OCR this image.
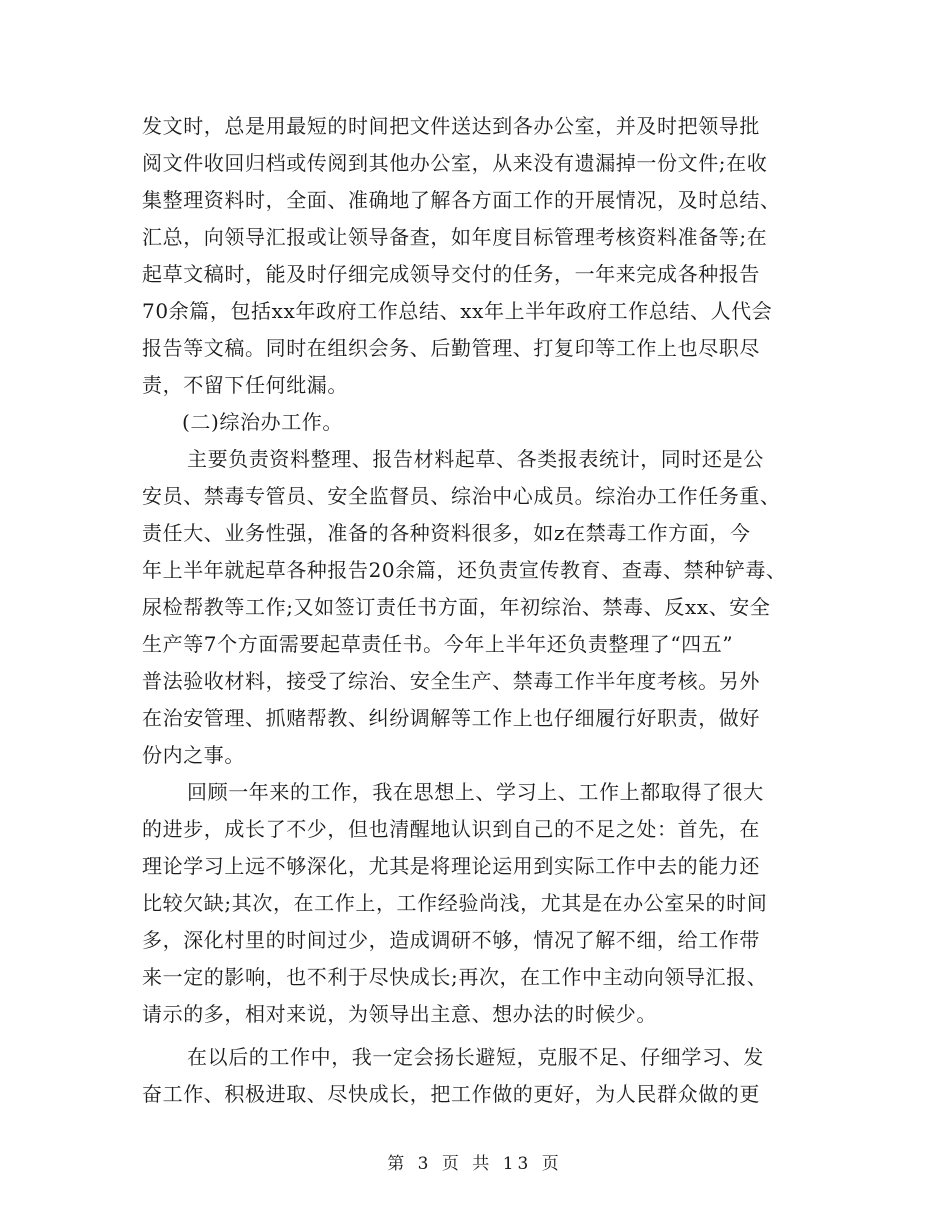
发文时，总是用最短的时间把文件送达到各办公室，并及时把领导批
阅文件收回归档或传阅到其他办公室，从来没有遗漏掉一份文件;在收
集整理资料时，全面、准确地了解各方面工作的开展情况，及时总结、
汇总，向领导汇报或让领导备查，如年度目标管理考核资料准备等;在
起草文稿时，能及时仔细完成领导交付的任务，一年来完成各种报告
70余篇，包括xx年政府工作总结、xx年上半年政府工作总结、人代会
报告等文稿。同时在组织会务、后勤管理、打复印等工作上也尽职尽
责，不留下任何纰漏。
(二)综治办工作。
主要负责资料整理、报告材料起草、各类报表统计，同时还是公
安员、禁毒专管员、安全监督员、综治中心成员。综治办工作任务重、
责任大、业务性强，准备的各种资料很多，如z在禁毒工作方面，今
年上半年就起草各种报告20余篇，还负责宣传教育、查毒、禁种铲毒、
尿检帮教等工作;又如签订责任书方面，年初综治、禁毒、反xx、安全
生产等7个方面需要起草责任书。今年上半年还负责整理了“四五”
普法验收材料，接受了综治、安全生产、禁毒工作半年度考核。另外
在治安管理、抓赌帮教、纠纷调解等工作上也仔细履行好职责，做好
份内之事。
回顾一年来的工作，我在思想上、学习上、工作上都取得了很大
的进步，成长了不少，但也清醒地认识到自己的不足之处：首先，在
理论学习上远不够深化，尤其是将理论运用到实际工作中去的能力还
比较欠缺;其次，在工作上，工作经验尚浅，尤其是在办公室呆的时间
多，深化村里的时间过少，造成调研不够，情况了解不细，给工作带
来一定的影响，也不利于尽快成长;再次，在工作中主动向领导汇报、
请示的多，相对来说，为领导出主意、想办法的时候少。
在以后的工作中，我一定会扬长避短，克服不足、仔细学习、发
奋工作、积极进取、尽快成长，把工作做的更好，为人民群众做的更
第 3 页 共 13 页
